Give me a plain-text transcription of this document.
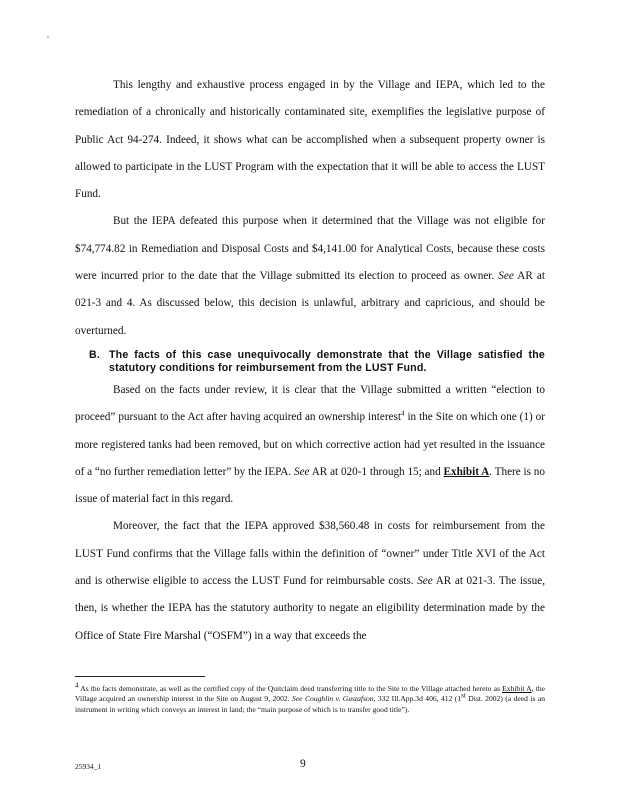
,

This lengthy and exhaustive process engaged in by the Village and IEPA, which led to the remediation of a chronically and historically contaminated site, exemplifies the legislative purpose of Public Act 94-274. Indeed, it shows what can be accomplished when a subsequent property owner is allowed to participate in the LUST Program with the expectation that it will be able to access the LUST Fund.

But the IEPA defeated this purpose when it determined that the Village was not eligible for $74,774.82 in Remediation and Disposal Costs and $4,141.00 for Analytical Costs, because these costs were incurred prior to the date that the Village submitted its election to proceed as owner. See AR at 021-3 and 4. As discussed below, this decision is unlawful, arbitrary and capricious, and should be overturned.

B. The facts of this case unequivocally demonstrate that the Village satisfied the statutory conditions for reimbursement from the LUST Fund.

Based on the facts under review, it is clear that the Village submitted a written “election to proceed” pursuant to the Act after having acquired an ownership interest$^4$ in the Site on which one (1) or more registered tanks had been removed, but on which corrective action had yet resulted in the issuance of a “no further remediation letter” by the IEPA. See AR at 020-1 through 15; and Exhibit A. There is no issue of material fact in this regard.

Moreover, the fact that the IEPA approved $38,560.48 in costs for reimbursement from the LUST Fund confirms that the Village falls within the definition of “owner” under Title XVI of the Act and is otherwise eligible to access the LUST Fund for reimbursable costs. See AR at 021-3. The issue, then, is whether the IEPA has the statutory authority to negate an eligibility determination made by the Office of State Fire Marshal (“OSFM”) in a way that exceeds the

$^4$ As the facts demonstrate, as well as the certified copy of the Quitclaim deed transferring title to the Site to the Village attached hereto as Exhibit A, the Village acquired an ownership interest in the Site on August 9, 2002. See Coughlin v. Gustafson, 332 Ill.App.3d 406, 412 (1st Dist. 2002) (a deed is an instrument in writing which conveys an interest in land; the “main purpose of which is to transfer good title”).
25934_1	9
